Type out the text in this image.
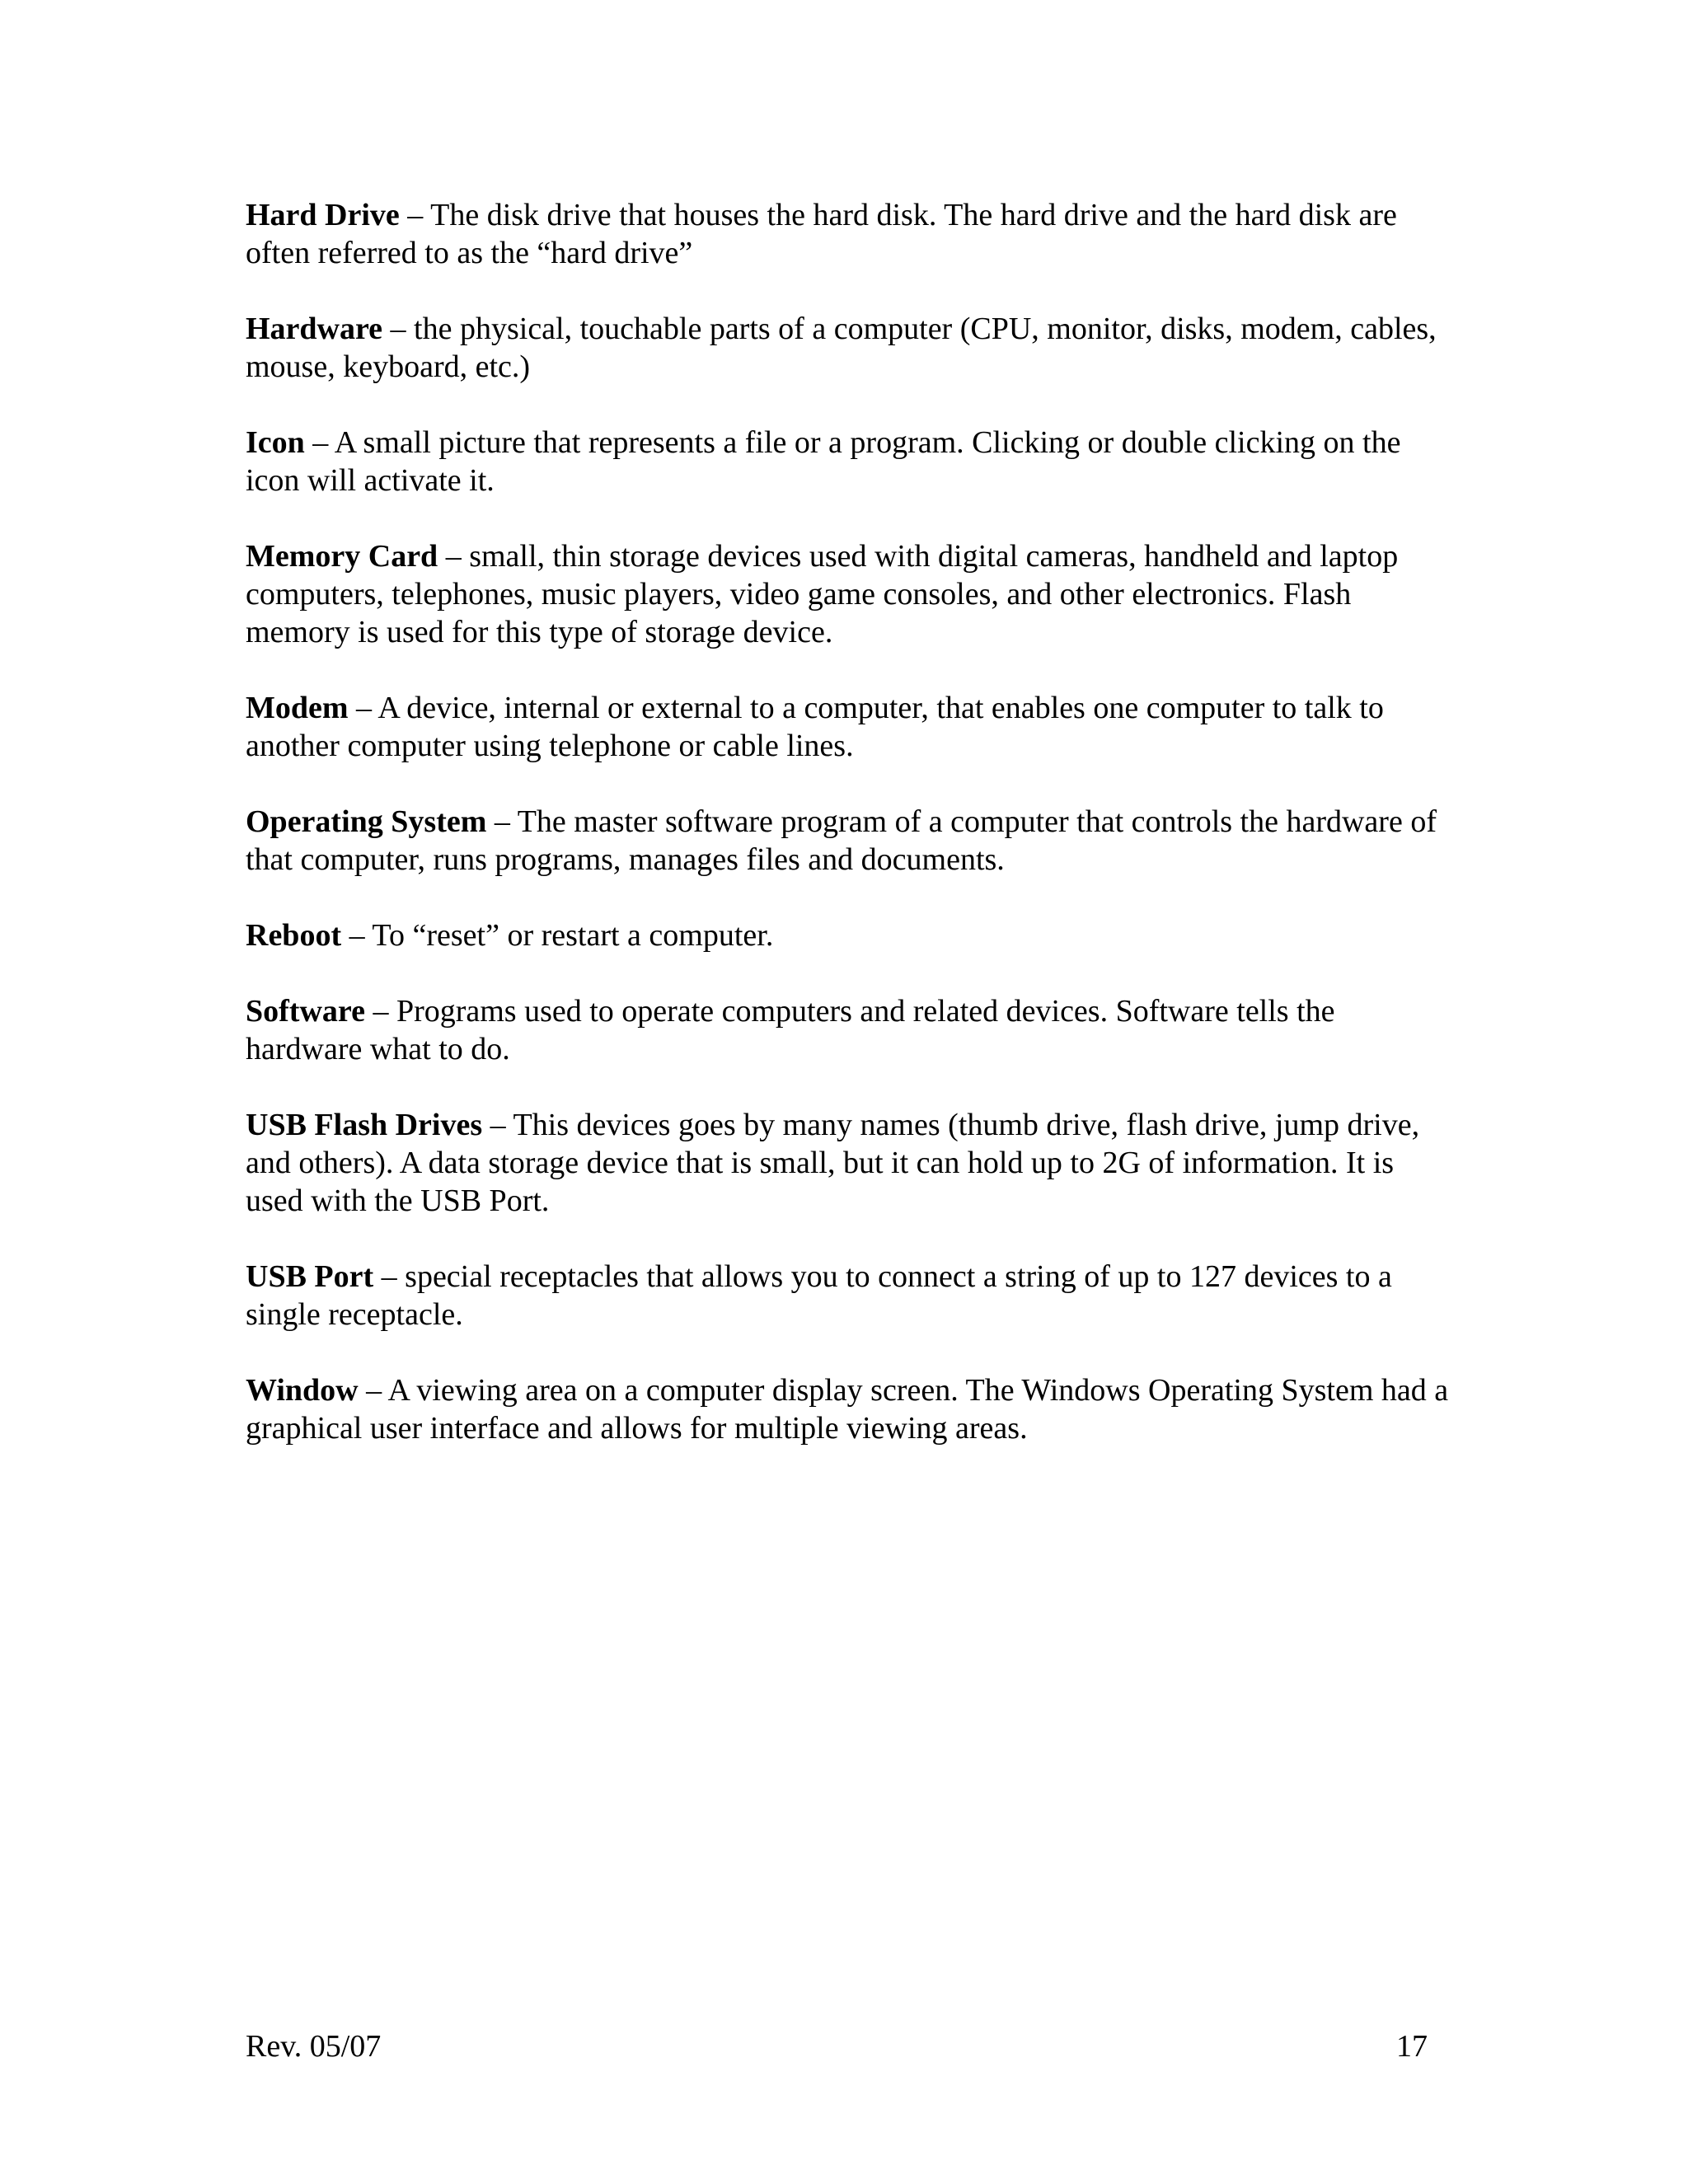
Hard Drive – The disk drive that houses the hard disk. The hard drive and the hard disk are often referred to as the “hard drive”

Hardware – the physical, touchable parts of a computer (CPU, monitor, disks, modem, cables, mouse, keyboard, etc.)

Icon – A small picture that represents a file or a program. Clicking or double clicking on the icon will activate it.

Memory Card – small, thin storage devices used with digital cameras, handheld and laptop computers, telephones, music players, video game consoles, and other electronics. Flash memory is used for this type of storage device.

Modem – A device, internal or external to a computer, that enables one computer to talk to another computer using telephone or cable lines.

Operating System – The master software program of a computer that controls the hardware of that computer, runs programs, manages files and documents.

Reboot – To “reset” or restart a computer.

Software – Programs used to operate computers and related devices. Software tells the hardware what to do.

USB Flash Drives – This devices goes by many names (thumb drive, flash drive, jump drive, and others). A data storage device that is small, but it can hold up to 2G of information. It is used with the USB Port.

USB Port – special receptacles that allows you to connect a string of up to 127 devices to a single receptacle.

Window – A viewing area on a computer display screen. The Windows Operating System had a graphical user interface and allows for multiple viewing areas.

Rev. 05/07	17
